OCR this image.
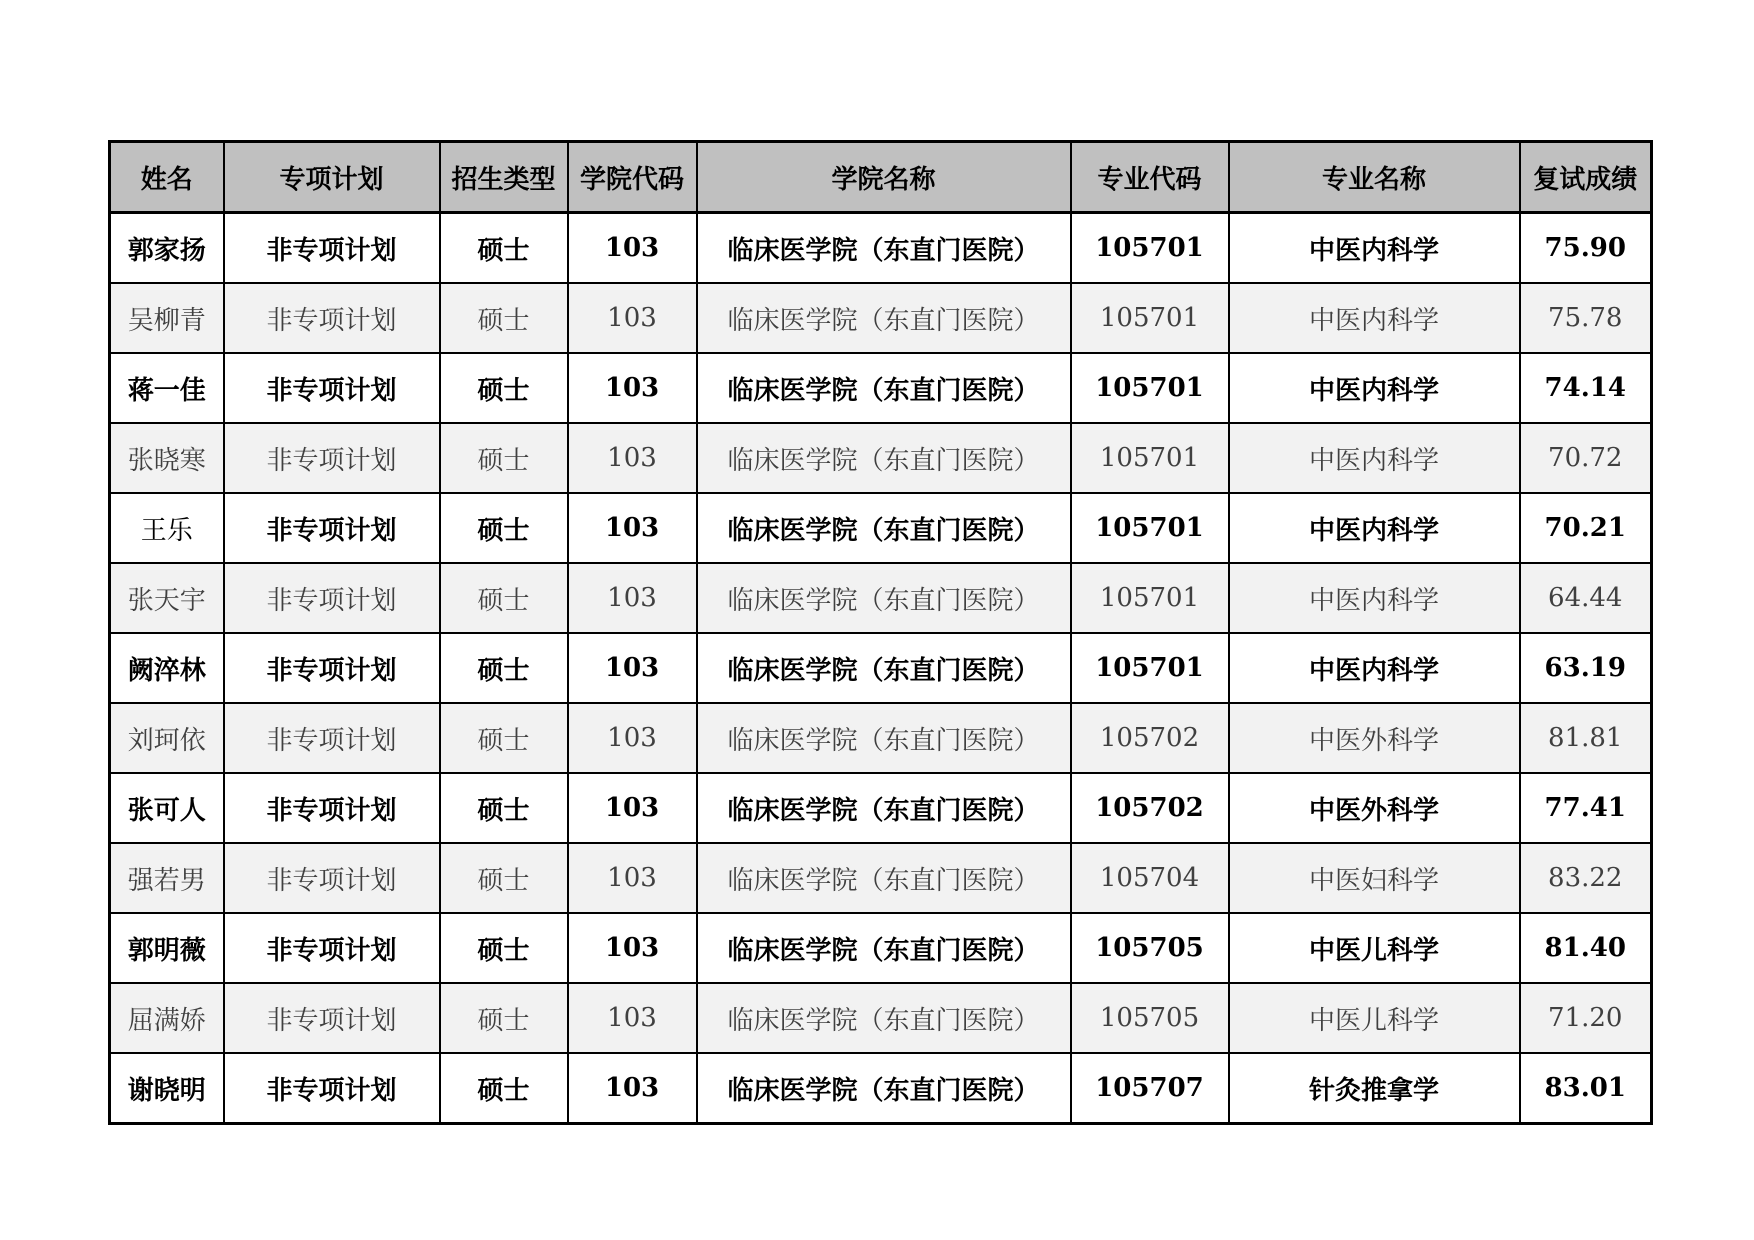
姓名	专项计划	招生类型	学院代码	学院名称	专业代码	专业名称	复试成绩
郭家扬	非专项计划	硕士	103	临床医学院（东直门医院）	105701	中医内科学	75.90
吴柳青	非专项计划	硕士	103	临床医学院（东直门医院）	105701	中医内科学	75.78
蒋一佳	非专项计划	硕士	103	临床医学院（东直门医院）	105701	中医内科学	74.14
张晓寒	非专项计划	硕士	103	临床医学院（东直门医院）	105701	中医内科学	70.72
王乐	非专项计划	硕士	103	临床医学院（东直门医院）	105701	中医内科学	70.21
张天宇	非专项计划	硕士	103	临床医学院（东直门医院）	105701	中医内科学	64.44
阙淬林	非专项计划	硕士	103	临床医学院（东直门医院）	105701	中医内科学	63.19
刘珂依	非专项计划	硕士	103	临床医学院（东直门医院）	105702	中医外科学	81.81
张可人	非专项计划	硕士	103	临床医学院（东直门医院）	105702	中医外科学	77.41
强若男	非专项计划	硕士	103	临床医学院（东直门医院）	105704	中医妇科学	83.22
郭明薇	非专项计划	硕士	103	临床医学院（东直门医院）	105705	中医儿科学	81.40
屈满娇	非专项计划	硕士	103	临床医学院（东直门医院）	105705	中医儿科学	71.20
谢晓明	非专项计划	硕士	103	临床医学院（东直门医院）	105707	针灸推拿学	83.01
